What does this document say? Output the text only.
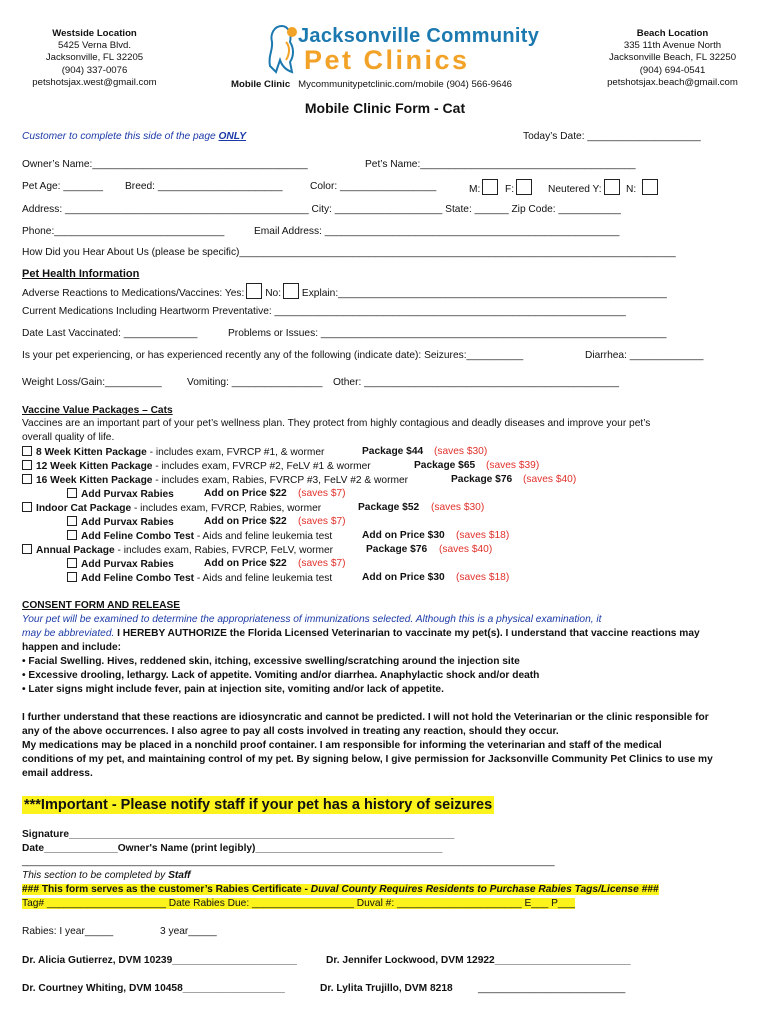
Westside Location
5425 Verna Blvd.
Jacksonville, FL 32205
(904) 337-0076
petshotsjax.west@gmail.com
Beach Location
335 11th Avenue North
Jacksonville Beach, FL 32250
(904) 694-0541
petshotsjax.beach@gmail.com
Jacksonville Community
Pet Clinics
Mobile Clinic Mycommunitypetclinic.com/mobile (904) 566-9646
Mobile Clinic Form - Cat
Customer to complete this side of the page ONLY	Today’s Date: ____________________
Owner’s Name:______________________________________	Pet’s Name:______________________________________
Pet Age: _______ Breed: ______________________	Color: _________________	M:	F:	Neutered Y:	N:
Address: ___________________________________________ City: ___________________ State: ______ Zip Code: ___________
Phone:______________________________	Email Address: ____________________________________________________
How Did you Hear About Us (please be specific)_____________________________________________________________________________
Pet Health Information
Adverse Reactions to Medications/Vaccines: Yes: No: Explain:__________________________________________________________
Current Medications Including Heartworm Preventative: ______________________________________________________________
Date Last Vaccinated: _____________	Problems or Issues: _____________________________________________________________
Is your pet experiencing, or has experienced recently any of the following (indicate date): Seizures:__________	Diarrhea: _____________
Weight Loss/Gain:__________ Vomiting: ________________ Other: _____________________________________________
Vaccine Value Packages – Cats
Vaccines are an important part of your pet’s wellness plan. They protect from highly contagious and deadly diseases and improve your pet’s
overall quality of life.
8 Week Kitten Package - includes exam, FVRCP #1, & wormer	Package $44 (saves $30)
12 Week Kitten Package - includes exam, FVRCP #2, FeLV #1 & wormer	Package $65 (saves $39)
16 Week Kitten Package - includes exam, Rabies, FVRCP #3, FeLV #2 & wormer	Package $76 (saves $40)
Add Purvax Rabies	Add on Price $22 (saves $7)
Indoor Cat Package - includes exam, FVRCP, Rabies, wormer	Package $52 (saves $30)
Add Purvax Rabies	Add on Price $22 (saves $7)
Add Feline Combo Test - Aids and feline leukemia test	Add on Price $30 (saves $18)
Annual Package - includes exam, Rabies, FVRCP, FeLV, wormer	Package $76 (saves $40)
Add Purvax Rabies	Add on Price $22 (saves $7)
Add Feline Combo Test - Aids and feline leukemia test	Add on Price $30 (saves $18)
CONSENT FORM AND RELEASE
Your pet will be examined to determine the appropriateness of immunizations selected. Although this is a physical examination, it
may be abbreviated. I HEREBY AUTHORIZE the Florida Licensed Veterinarian to vaccinate my pet(s). I understand that vaccine reactions may
happen and include:
• Facial Swelling. Hives, reddened skin, itching, excessive swelling/scratching around the injection site
• Excessive drooling, lethargy. Lack of appetite. Vomiting and/or diarrhea. Anaphylactic shock and/or death
• Later signs might include fever, pain at injection site, vomiting and/or lack of appetite.
I further understand that these reactions are idiosyncratic and cannot be predicted. I will not hold the Veterinarian or the clinic responsible for
any of the above occurrences. I also agree to pay all costs involved in treating any reaction, should they occur.
My medications may be placed in a nonchild proof container. I am responsible for informing the veterinarian and staff of the medical
conditions of my pet, and maintaining control of my pet. By signing below, I give permission for Jacksonville Community Pet Clinics to use my
email address.
***Important - Please notify staff if your pet has a history of seizures
Signature____________________________________________________________________
Date_____________Owner's Name (print legibly)_________________________________
______________________________________________________________________________________________
This section to be completed by Staff
### This form serves as the customer’s Rabies Certificate - Duval County Requires Residents to Purchase Rabies Tags/License ###
Tag# _____________________ Date Rabies Due: __________________ Duval #: ______________________ E___ P___
Rabies: I year_____	3 year_____
Dr. Alicia Gutierrez, DVM 10239______________________	Dr. Jennifer Lockwood, DVM 12922________________________
Dr. Courtney Whiting, DVM 10458__________________	Dr. Lylita Trujillo, DVM 8218 __________________________
